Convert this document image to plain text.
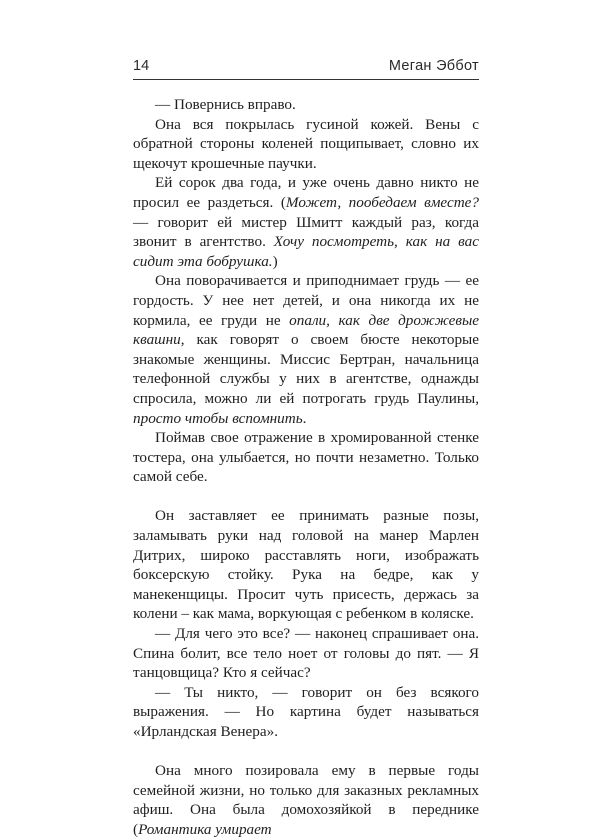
14	Меган Эббот

— Повернись вправо.

Она вся покрылась гусиной кожей. Вены с обратной стороны коленей пощипывает, словно их щекочут крошечные паучки.

Ей сорок два года, и уже очень давно никто не просил ее раздеться. (Может, пообедаем вместе? — говорит ей мистер Шмитт каждый раз, когда звонит в агентство. Хочу посмотреть, как на вас сидит эта бобрушка.)

Она поворачивается и приподнимает грудь — ее гордость. У нее нет детей, и она никогда их не кормила, ее груди не опали, как две дрожжевые квашни, как говорят о своем бюсте некоторые знакомые женщины. Миссис Бертран, начальница телефонной службы у них в агентстве, однажды спросила, можно ли ей потрогать грудь Паулины, просто чтобы вспомнить.

Поймав свое отражение в хромированной стенке тостера, она улыбается, но почти незаметно. Только самой себе.

Он заставляет ее принимать разные позы, заламывать руки над головой на манер Марлен Дитрих, широко расставлять ноги, изображать боксерскую стойку. Рука на бедре, как у манекенщицы. Просит чуть присесть, держась за колени – как мама, воркующая с ребенком в коляске.

— Для чего это все? — наконец спрашивает она. Спина болит, все тело ноет от головы до пят. — Я танцовщица? Кто я сейчас?

— Ты никто, — говорит он без всякого выражения. — Но картина будет называться «Ирландская Венера».

Она много позировала ему в первые годы семейной жизни, но только для заказных рекламных афиш. Она была домохозяйкой в переднике (Романтика умирает
